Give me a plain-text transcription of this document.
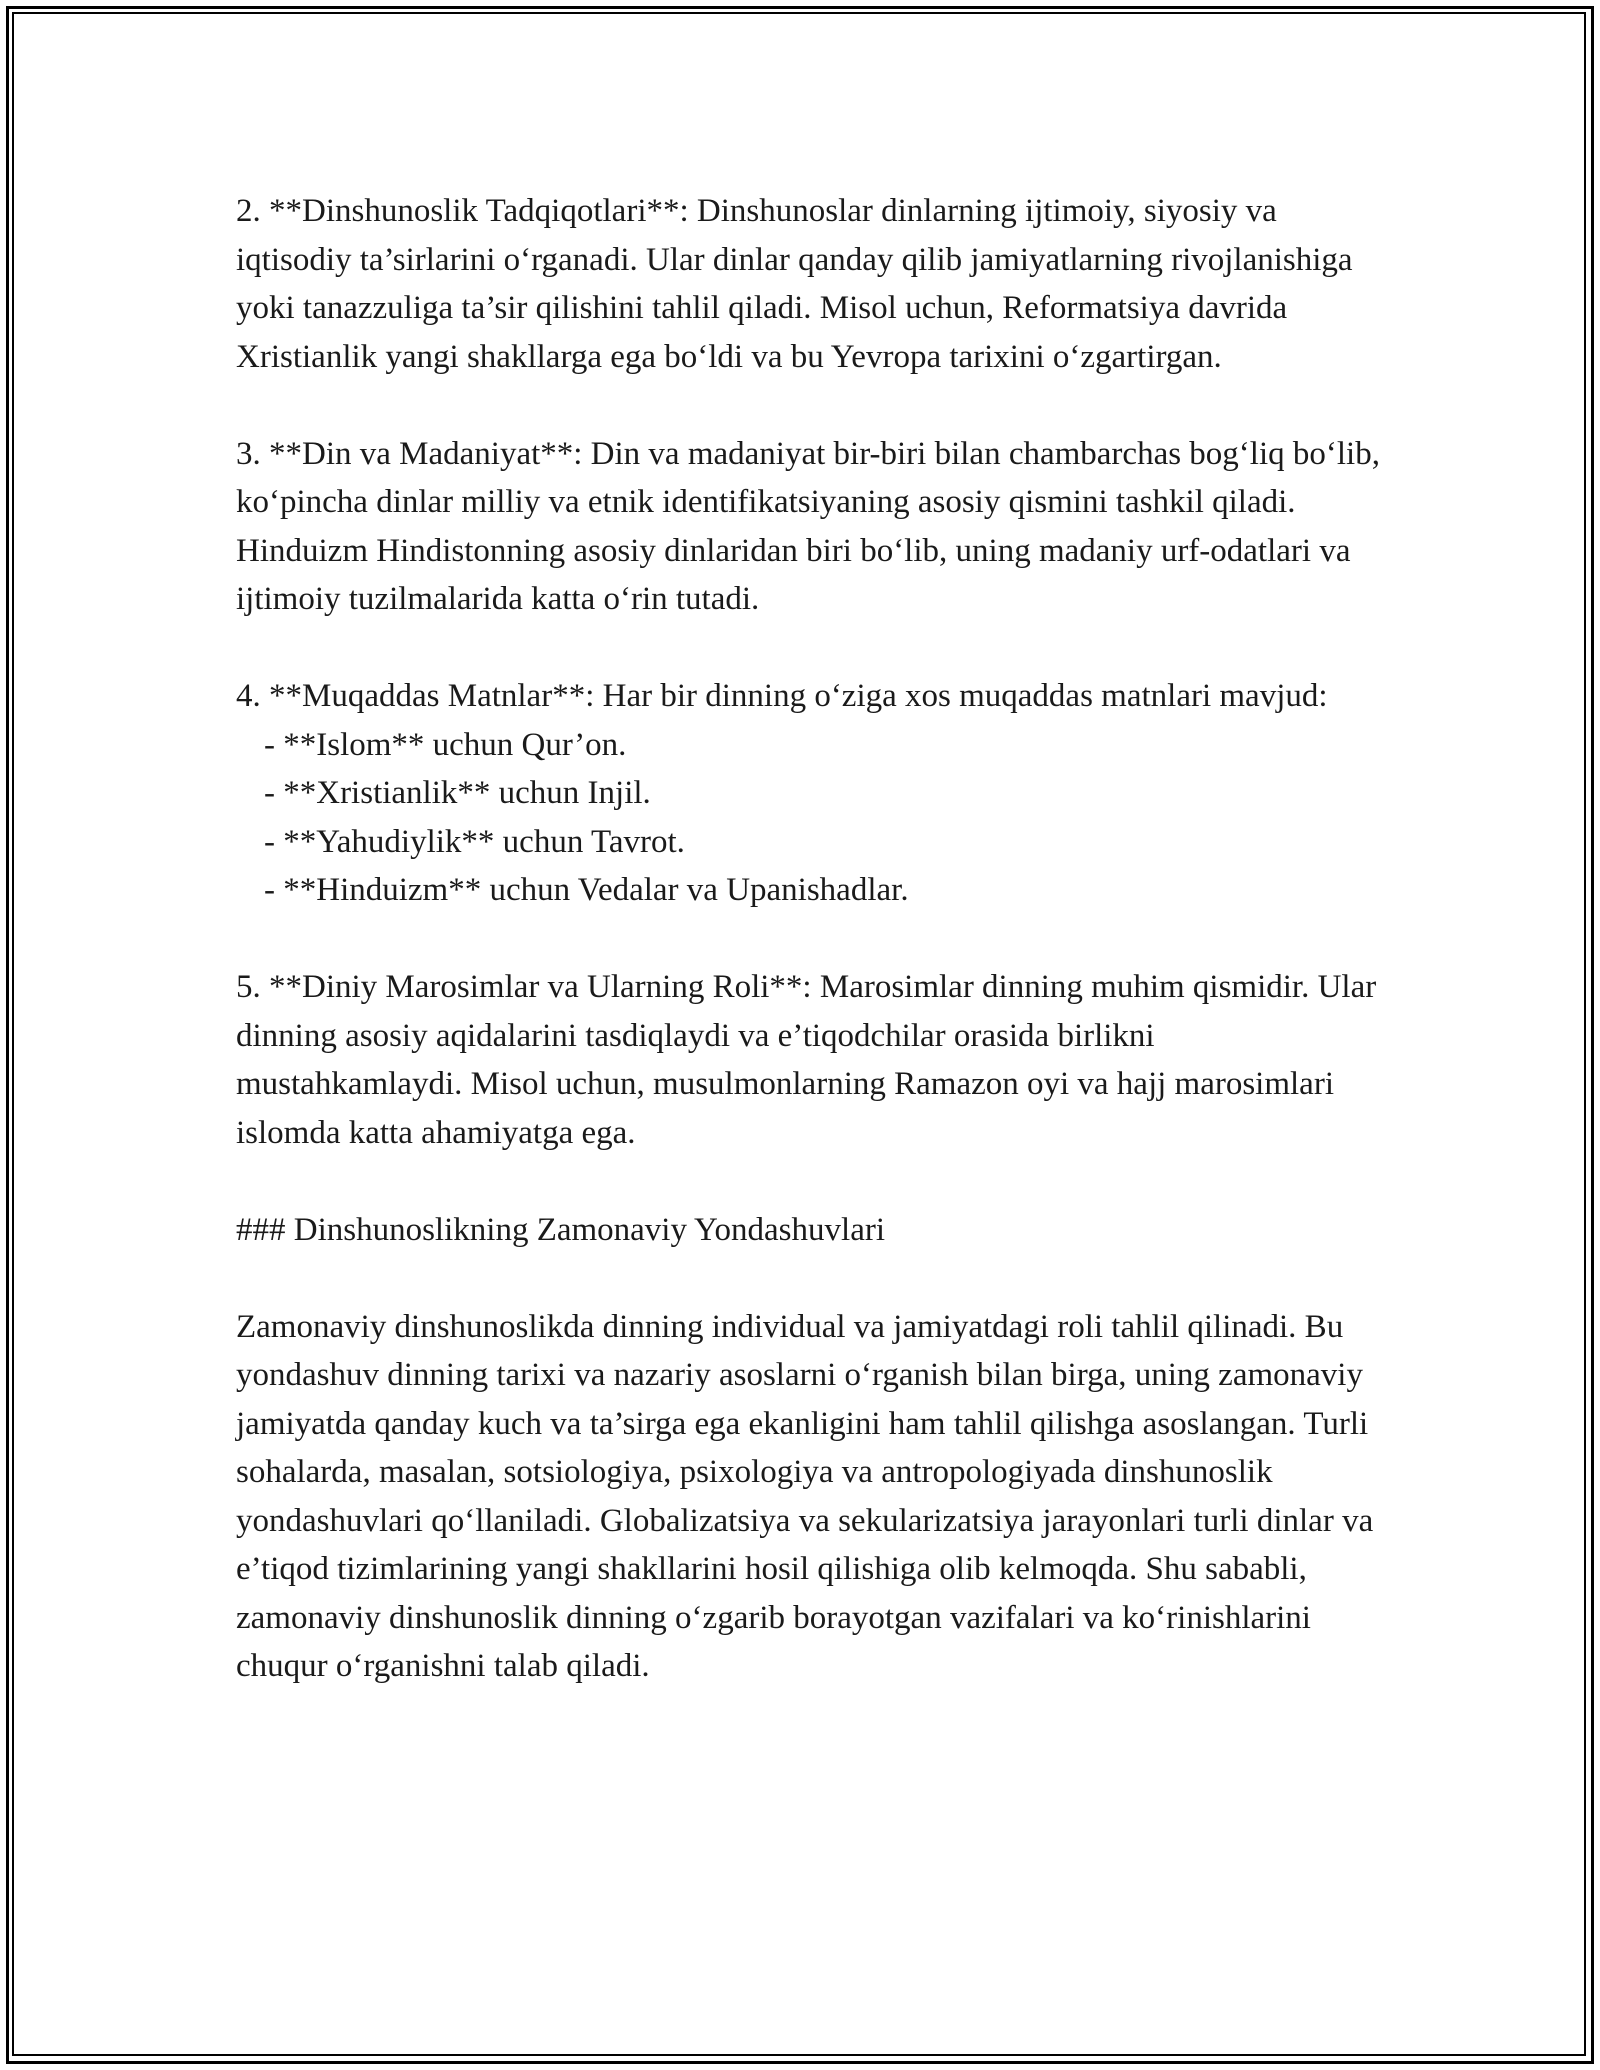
2. **Dinshunoslik Tadqiqotlari**: Dinshunoslar dinlarning ijtimoiy, siyosiy va iqtisodiy ta’sirlarini o‘rganadi. Ular dinlar qanday qilib jamiyatlarning rivojlanishiga yoki tanazzuliga ta’sir qilishini tahlil qiladi. Misol uchun, Reformatsiya davrida Xristianlik yangi shakllarga ega bo‘ldi va bu Yevropa tarixini o‘zgartirgan.

3. **Din va Madaniyat**: Din va madaniyat bir-biri bilan chambarchas bog‘liq bo‘lib, ko‘pincha dinlar milliy va etnik identifikatsiyaning asosiy qismini tashkil qiladi. Hinduizm Hindistonning asosiy dinlaridan biri bo‘lib, uning madaniy urf-odatlari va ijtimoiy tuzilmalarida katta o‘rin tutadi.

4. **Muqaddas Matnlar**: Har bir dinning o‘ziga xos muqaddas matnlari mavjud:

- **Islom** uchun Qur’on.
- **Xristianlik** uchun Injil.
- **Yahudiylik** uchun Tavrot.
- **Hinduizm** uchun Vedalar va Upanishadlar.

5. **Diniy Marosimlar va Ularning Roli**: Marosimlar dinning muhim qismidir. Ular dinning asosiy aqidalarini tasdiqlaydi va e’tiqodchilar orasida birlikni mustahkamlaydi. Misol uchun, musulmonlarning Ramazon oyi va hajj marosimlari islomda katta ahamiyatga ega.

### Dinshunoslikning Zamonaviy Yondashuvlari

Zamonaviy dinshunoslikda dinning individual va jamiyatdagi roli tahlil qilinadi. Bu yondashuv dinning tarixi va nazariy asoslarni o‘rganish bilan birga, uning zamonaviy jamiyatda qanday kuch va ta’sirga ega ekanligini ham tahlil qilishga asoslangan. Turli sohalarda, masalan, sotsiologiya, psixologiya va antropologiyada dinshunoslik yondashuvlari qo‘llaniladi. Globalizatsiya va sekularizatsiya jarayonlari turli dinlar va e’tiqod tizimlarining yangi shakllarini hosil qilishiga olib kelmoqda. Shu sababli, zamonaviy dinshunoslik dinning o‘zgarib borayotgan vazifalari va ko‘rinishlarini chuqur o‘rganishni talab qiladi.
